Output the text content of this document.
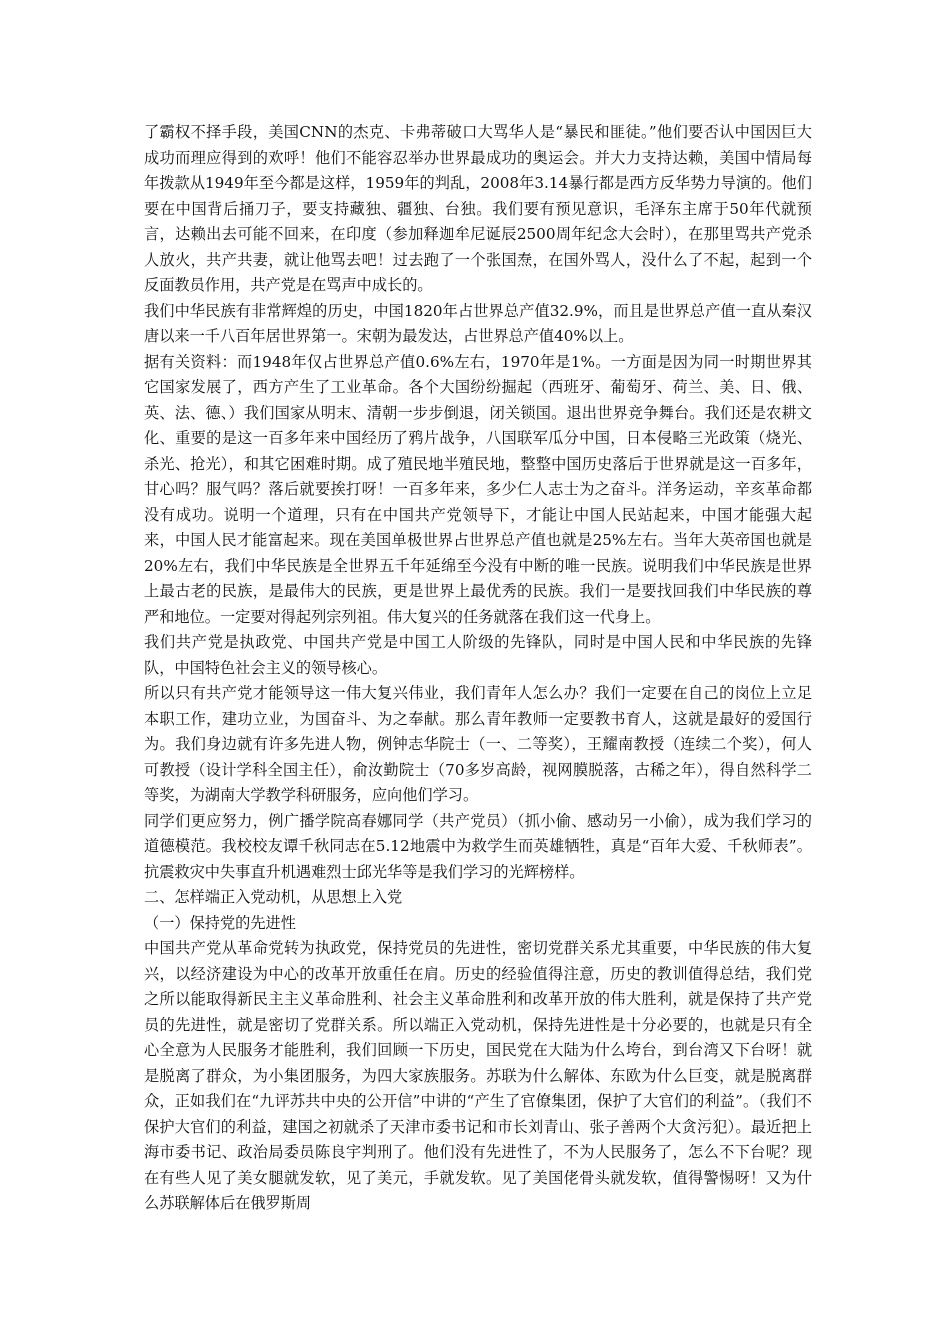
了霸权不择手段，美国CNN的杰克、卡弗蒂破口大骂华人是“暴民和匪徒。”他们要否认中国因巨大成功而理应得到的欢呼！他们不能容忍举办世界最成功的奥运会。并大力支持达赖，美国中情局每年拨款从1949年至今都是这样，1959年的判乱，2008年3.14暴行都是西方反华势力导演的。他们要在中国背后捅刀子，要支持藏独、疆独、台独。我们要有预见意识，毛泽东主席于50年代就预言，达赖出去可能不回来，在印度（参加释迦牟尼诞辰2500周年纪念大会时），在那里骂共产党杀人放火，共产共妻，就让他骂去吧！过去跑了一个张国焘，在国外骂人，没什么了不起，起到一个反面教员作用，共产党是在骂声中成长的。

我们中华民族有非常辉煌的历史，中国1820年占世界总产值32.9%，而且是世界总产值一直从秦汉唐以来一千八百年居世界第一。宋朝为最发达，占世界总产值40%以上。

据有关资料：而1948年仅占世界总产值0.6%左右，1970年是1%。一方面是因为同一时期世界其它国家发展了，西方产生了工业革命。各个大国纷纷掘起（西班牙、葡萄牙、荷兰、美、日、俄、英、法、德、）我们国家从明末、清朝一步步倒退，闭关锁国。退出世界竞争舞台。我们还是农耕文化、重要的是这一百多年来中国经历了鸦片战争，八国联军瓜分中国，日本侵略三光政策（烧光、杀光、抢光），和其它困难时期。成了殖民地半殖民地，整整中国历史落后于世界就是这一百多年，甘心吗？服气吗？落后就要挨打呀！一百多年来，多少仁人志士为之奋斗。洋务运动，辛亥革命都没有成功。说明一个道理，只有在中国共产党领导下，才能让中国人民站起来，中国才能强大起来，中国人民才能富起来。现在美国单极世界占世界总产值也就是25%左右。当年大英帝国也就是20%左右，我们中华民族是全世界五千年延绵至今没有中断的唯一民族。说明我们中华民族是世界上最古老的民族，是最伟大的民族，更是世界上最优秀的民族。我们一是要找回我们中华民族的尊严和地位。一定要对得起列宗列祖。伟大复兴的任务就落在我们这一代身上。

我们共产党是执政党、中国共产党是中国工人阶级的先锋队，同时是中国人民和中华民族的先锋队，中国特色社会主义的领导核心。

所以只有共产党才能领导这一伟大复兴伟业，我们青年人怎么办？我们一定要在自己的岗位上立足本职工作，建功立业，为国奋斗、为之奉献。那么青年教师一定要教书育人，这就是最好的爱国行为。我们身边就有许多先进人物，例钟志华院士（一、二等奖），王耀南教授（连续二个奖），何人可教授（设计学科全国主任），俞汝勤院士（70多岁高龄，视网膜脱落，古稀之年），得自然科学二等奖，为湖南大学教学科研服务，应向他们学习。

同学们更应努力，例广播学院高春娜同学（共产党员）（抓小偷、感动另一小偷），成为我们学习的道德模范。我校校友谭千秋同志在5.12地震中为救学生而英雄牺牲，真是“百年大爱、千秋师表”。抗震救灾中失事直升机遇难烈士邱光华等是我们学习的光辉榜样。

二、怎样端正入党动机，从思想上入党

（一）保持党的先进性

中国共产党从革命党转为执政党，保持党员的先进性，密切党群关系尤其重要，中华民族的伟大复兴，以经济建设为中心的改革开放重任在肩。历史的经验值得注意，历史的教训值得总结，我们党之所以能取得新民主主义革命胜利、社会主义革命胜利和改革开放的伟大胜利，就是保持了共产党员的先进性，就是密切了党群关系。所以端正入党动机，保持先进性是十分必要的，也就是只有全心全意为人民服务才能胜利，我们回顾一下历史，国民党在大陆为什么垮台，到台湾又下台呀！就是脱离了群众，为小集团服务，为四大家族服务。苏联为什么解体、东欧为什么巨变，就是脱离群众，正如我们在“九评苏共中央的公开信”中讲的“产生了官僚集团，保护了大官们的利益”。（我们不保护大官们的利益，建国之初就杀了天津市委书记和市长刘青山、张子善两个大贪污犯）。最近把上海市委书记、政治局委员陈良宇判刑了。他们没有先进性了，不为人民服务了，怎么不下台呢？现在有些人见了美女腿就发软，见了美元，手就发软。见了美国佬骨头就发软，值得警惕呀！又为什么苏联解体后在俄罗斯周
